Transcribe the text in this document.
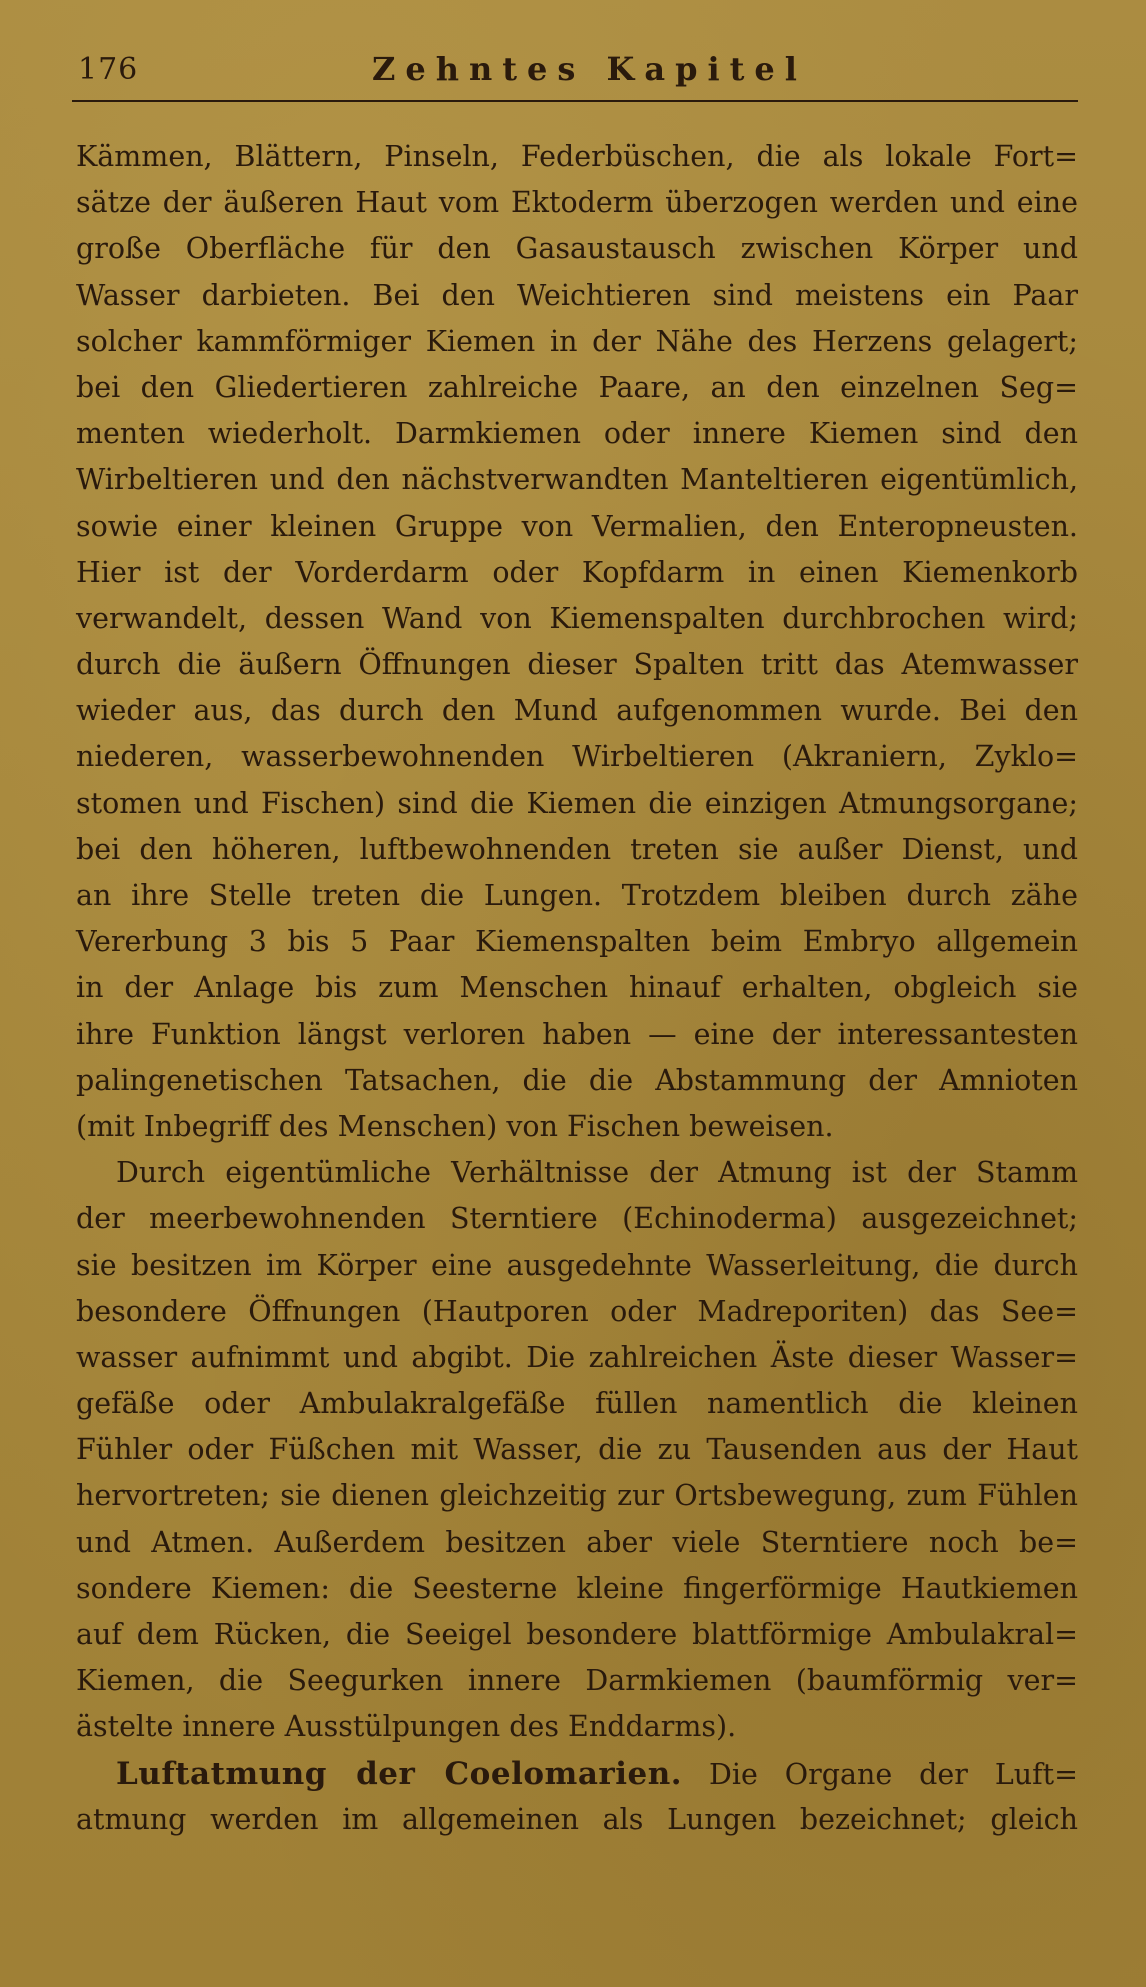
176	Zehntes Kapitel
Kämmen, Blättern, Pinseln, Federbüschen, die als lokale Fort=
sätze der äußeren Haut vom Ektoderm überzogen werden und eine
große Oberfläche für den Gasaustausch zwischen Körper und
Wasser darbieten. Bei den Weichtieren sind meistens ein Paar
solcher kammförmiger Kiemen in der Nähe des Herzens gelagert;
bei den Gliedertieren zahlreiche Paare, an den einzelnen Seg=
menten wiederholt. Darmkiemen oder innere Kiemen sind den
Wirbeltieren und den nächstverwandten Manteltieren eigentümlich,
sowie einer kleinen Gruppe von Vermalien, den Enteropneusten.
Hier ist der Vorderdarm oder Kopfdarm in einen Kiemenkorb
verwandelt, dessen Wand von Kiemenspalten durchbrochen wird;
durch die äußern Öffnungen dieser Spalten tritt das Atemwasser
wieder aus, das durch den Mund aufgenommen wurde. Bei den
niederen, wasserbewohnenden Wirbeltieren (Akraniern, Zyklo=
stomen und Fischen) sind die Kiemen die einzigen Atmungsorgane;
bei den höheren, luftbewohnenden treten sie außer Dienst, und
an ihre Stelle treten die Lungen. Trotzdem bleiben durch zähe
Vererbung 3 bis 5 Paar Kiemenspalten beim Embryo allgemein
in der Anlage bis zum Menschen hinauf erhalten, obgleich sie
ihre Funktion längst verloren haben — eine der interessantesten
palingenetischen Tatsachen, die die Abstammung der Amnioten
(mit Inbegriff des Menschen) von Fischen beweisen.
Durch eigentümliche Verhältnisse der Atmung ist der Stamm
der meerbewohnenden Sterntiere (Echinoderma) ausgezeichnet;
sie besitzen im Körper eine ausgedehnte Wasserleitung, die durch
besondere Öffnungen (Hautporen oder Madreporiten) das See=
wasser aufnimmt und abgibt. Die zahlreichen Äste dieser Wasser=
gefäße oder Ambulakralgefäße füllen namentlich die kleinen
Fühler oder Füßchen mit Wasser, die zu Tausenden aus der Haut
hervortreten; sie dienen gleichzeitig zur Ortsbewegung, zum Fühlen
und Atmen. Außerdem besitzen aber viele Sterntiere noch be=
sondere Kiemen: die Seesterne kleine fingerförmige Hautkiemen
auf dem Rücken, die Seeigel besondere blattförmige Ambulakral=
Kiemen, die Seegurken innere Darmkiemen (baumförmig ver=
ästelte innere Ausstülpungen des Enddarms).
Luftatmung der Coelomarien. Die Organe der Luft=
atmung werden im allgemeinen als Lungen bezeichnet; gleich
